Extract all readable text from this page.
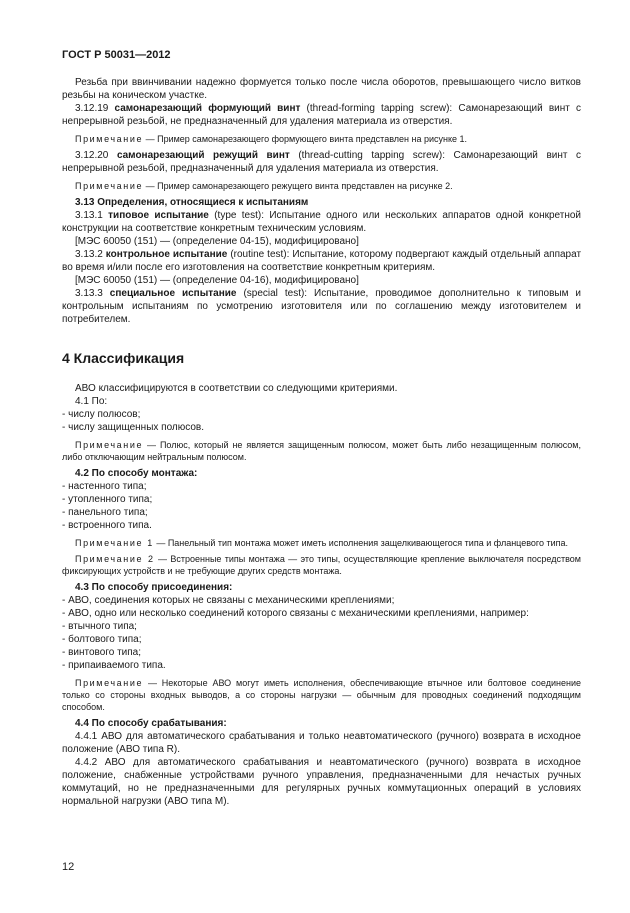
ГОСТ Р 50031—2012

Резьба при ввинчивании надежно формуется только после числа оборотов, превышающего число витков резьбы на коническом участке.

3.12.19 самонарезающий формующий винт (thread-forming tapping screw): Самонарезающий винт с непрерывной резьбой, не предназначенный для удаления материала из отверстия.

Примечание — Пример самонарезающего формующего винта представлен на рисунке 1.

3.12.20 самонарезающий режущий винт (thread-cutting tapping screw): Самонарезающий винт с непрерывной резьбой, предназначенный для удаления материала из отверстия.

Примечание — Пример самонарезающего режущего винта представлен на рисунке 2.

3.13 Определения, относящиеся к испытаниям

3.13.1 типовое испытание (type test): Испытание одного или нескольких аппаратов одной конкретной конструкции на соответствие конкретным техническим условиям.

[МЭС 60050 (151) — (определение 04-15), модифицировано]

3.13.2 контрольное испытание (routine test): Испытание, которому подвергают каждый отдельный аппарат во время и/или после его изготовления на соответствие конкретным критериям.

[МЭС 60050 (151) — (определение 04-16), модифицировано]

3.13.3 специальное испытание (special test): Испытание, проводимое дополнительно к типовым и контрольным испытаниям по усмотрению изготовителя или по соглашению между изготовителем и потребителем.

4 Классификация

АВО классифицируются в соответствии со следующими критериями.

4.1 По:

- числу полюсов;

- числу защищенных полюсов.

Примечание — Полюс, который не является защищенным полюсом, может быть либо незащищенным полюсом, либо отключающим нейтральным полюсом.

4.2 По способу монтажа:

- настенного типа;

- утопленного типа;

- панельного типа;

- встроенного типа.

Примечание 1 — Панельный тип монтажа может иметь исполнения защелкивающегося типа и фланцевого типа.

Примечание 2 — Встроенные типы монтажа — это типы, осуществляющие крепление выключателя посредством фиксирующих устройств и не требующие других средств монтажа.

4.3 По способу присоединения:

- АВО, соединения которых не связаны с механическими креплениями;

- АВО, одно или несколько соединений которого связаны с механическими креплениями, например:

- втычного типа;

- болтового типа;

- винтового типа;

- припаиваемого типа.

Примечание — Некоторые АВО могут иметь исполнения, обеспечивающие втычное или болтовое соединение только со стороны входных выводов, а со стороны нагрузки — обычным для проводных соединений подходящим способом.

4.4 По способу срабатывания:

4.4.1 АВО для автоматического срабатывания и только неавтоматического (ручного) возврата в исходное положение (АВО типа R).

4.4.2 АВО для автоматического срабатывания и неавтоматического (ручного) возврата в исходное положение, снабженные устройствами ручного управления, предназначенными для нечастых ручных коммутаций, но не предназначенными для регулярных ручных коммутационных операций в условиях нормальной нагрузки (АВО типа M).

12
